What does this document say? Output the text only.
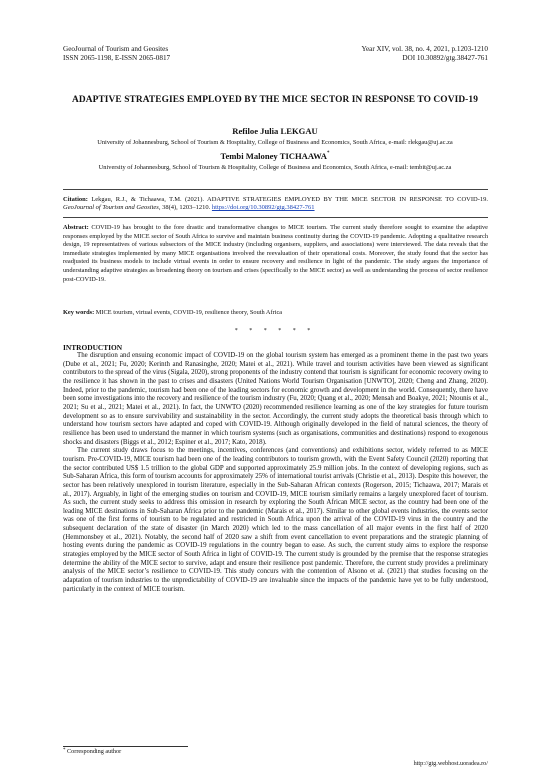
GeoJournal of Tourism and Geosites	Year XIV, vol. 38, no. 4, 2021, p.1203-1210
ISSN 2065-1198, E-ISSN 2065-0817	DOI 10.30892/gtg.38427-761
ADAPTIVE STRATEGIES EMPLOYED BY THE MICE SECTOR IN RESPONSE TO COVID-19
Refiloe Julia LEKGAU
University of Johannesburg, School of Tourism & Hospitality, College of Business and Economics, South Africa, e-mail: rlekgau@uj.ac.za
Tembi Maloney TICHAAWA*
University of Johannesburg, School of Tourism & Hospitality, College of Business and Economics, South Africa, e-mail: tembit@uj.ac.za
Citation: Lekgau, R.J., & Tichaawa, T.M. (2021). ADAPTIVE STRATEGIES EMPLOYED BY THE MICE SECTOR IN RESPONSE TO COVID-19. GeoJournal of Tourism and Geosites, 38(4), 1203–1210. https://doi.org/10.30892/gtg.38427-761
Abstract: COVID-19 has brought to the fore drastic and transformative changes to MICE tourism. The current study therefore sought to examine the adaptive responses employed by the MICE sector of South Africa to survive and maintain business continuity during the COVID-19 pandemic. Adopting a qualitative research design, 19 representatives of various subsectors of the MICE industry (including organisers, suppliers, and associations) were interviewed. The data reveals that the immediate strategies implemented by many MICE organisations involved the reevaluation of their operational costs. Moreover, the study found that the sector has readjusted its business models to include virtual events in order to ensure recovery and resilience in light of the pandemic. The study argues the importance of understanding adaptive strategies as broadening theory on tourism and crises (specifically to the MICE sector) as well as understanding the process of sector resilience post-COVID-19.
Key words: MICE tourism, virtual events, COVID-19, resilience theory, South Africa
* * * * * *
INTRODUCTION

The disruption and ensuing economic impact of COVID-19 on the global tourism system has emerged as a prominent theme in the past two years (Dube et al., 2021; Fu, 2020; Kerinth and Ranasinghe, 2020; Matei et al., 2021). While travel and tourism activities have been viewed as significant contributors to the spread of the virus (Sigala, 2020), strong proponents of the industry contend that tourism is significant for economic recovery owing to the resilience it has shown in the past to crises and disasters (United Nations World Tourism Organisation [UNWTO], 2020; Cheng and Zhang, 2020). Indeed, prior to the pandemic, tourism had been one of the leading sectors for economic growth and development in the world. Consequently, there have been some investigations into the recovery and resilience of the tourism industry (Fu, 2020; Quang et al., 2020; Mensah and Boakye, 2021; Ntounis et al., 2021; Su et al., 2021; Matei et al., 2021). In fact, the UNWTO (2020) recommended resilience learning as one of the key strategies for future tourism development so as to ensure survivability and sustainability in the sector. Accordingly, the current study adopts the theoretical basis through which to understand how tourism sectors have adapted and coped with COVID-19. Although originally developed in the field of natural sciences, the theory of resilience has been used to understand the manner in which tourism systems (such as organisations, communities and destinations) respond to exogenous shocks and disasters (Biggs et al., 2012; Espiner et al., 2017; Kato, 2018).

The current study draws focus to the meetings, incentives, conferences (and conventions) and exhibitions sector, widely referred to as MICE tourism. Pre-COVID-19, MICE tourism had been one of the leading contributors to tourism growth, with the Event Safety Council (2020) reporting that the sector contributed US$ 1.5 trillion to the global GDP and supported approximately 25.9 million jobs. In the context of developing regions, such as Sub-Saharan Africa, this form of tourism accounts for approximately 25% of international tourist arrivals (Christie et al., 2013). Despite this however, the sector has been relatively unexplored in tourism literature, especially in the Sub-Saharan African contexts (Rogerson, 2015; Tichaawa, 2017; Marais et al., 2017). Arguably, in light of the emerging studies on tourism and COVID-19, MICE tourism similarly remains a largely unexplored facet of tourism. As such, the current study seeks to address this omission in research by exploring the South African MICE sector, as the country had been one of the leading MICE destinations in Sub-Saharan Africa prior to the pandemic (Marais et al., 2017). Similar to other global events industries, the events sector was one of the first forms of tourism to be regulated and restricted in South Africa upon the arrival of the COVID-19 virus in the country and the subsequent declaration of the state of disaster (in March 2020) which led to the mass cancellation of all major events in the first half of 2020 (Hemmonsbey et al., 2021). Notably, the second half of 2020 saw a shift from event cancellation to event preparations and the strategic planning of hosting events during the pandemic as COVID-19 regulations in the country began to ease. As such, the current study aims to explore the response strategies employed by the MICE sector of South Africa in light of COVID-19. The current study is grounded by the premise that the response strategies determine the ability of the MICE sector to survive, adapt and ensure their resilience post pandemic. Therefore, the current study provides a preliminary analysis of the MICE sector’s resilience to COVID-19. This study concurs with the contention of Alsono et al. (2021) that studies focusing on the adaptation of tourism industries to the unpredictability of COVID-19 are invaluable since the impacts of the pandemic have yet to be fully understood, particularly in the context of MICE tourism.

* Corresponding author
http://gtg.webhost.uoradea.ro/
